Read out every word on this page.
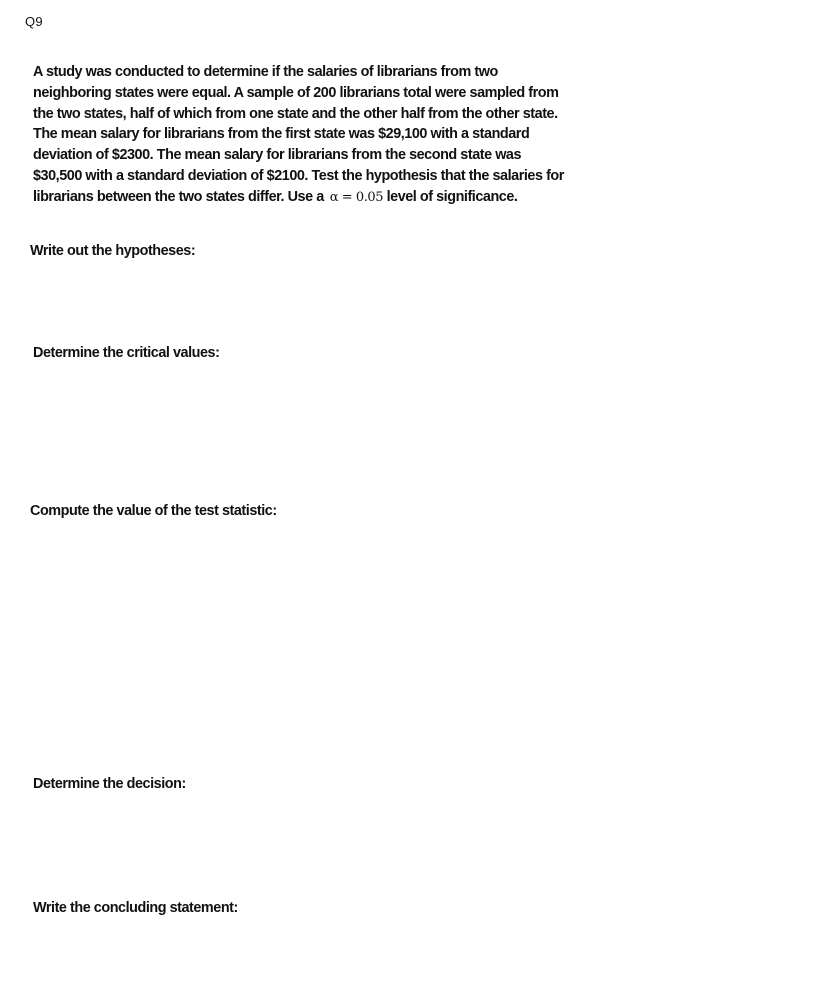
Q9
A study was conducted to determine if the salaries of librarians from two
neighboring states were equal. A sample of 200 librarians total were sampled from
the two states, half of which from one state and the other half from the other state.
The mean salary for librarians from the first state was $29,100 with a standard
deviation of $2300. The mean salary for librarians from the second state was
$30,500 with a standard deviation of $2100. Test the hypothesis that the salaries for
librarians between the two states differ. Use a α = 0.05 level of significance.

Write out the hypotheses:

Determine the critical values:

Compute the value of the test statistic:

Determine the decision:

Write the concluding statement:
